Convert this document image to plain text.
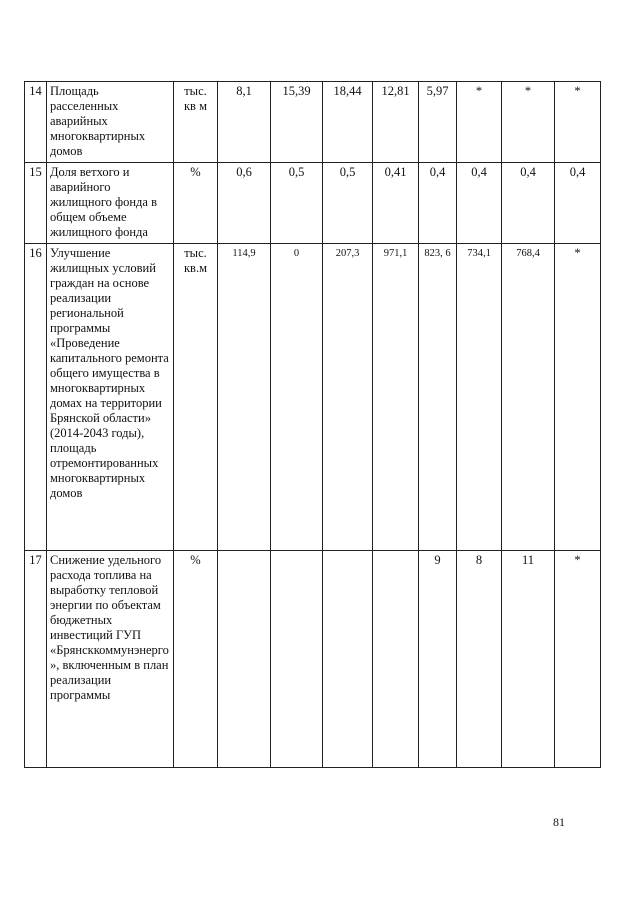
14	Площадь расселенных аварийных многоквартирных домов	тыс. кв м	8,1	15,39	18,44	12,81	5,97	*	*	*
15	Доля ветхого и аварийного жилищного фонда в общем объеме жилищного фонда	%	0,6	0,5	0,5	0,41	0,4	0,4	0,4	0,4
16	Улучшение жилищных условий граждан на основе реализации региональной программы «Проведение капитального ремонта общего имущества в многоквартирных домах на территории Брянской области» (2014-2043 годы), площадь отремонтированных многоквартирных домов	тыс. кв.м	114,9	0	207,3	971,1	823, 6	734,1	768,4	*
17	Снижение удельного расхода топлива на выработку тепловой энергии по объектам бюджетных инвестиций ГУП «Брянсккоммунэнерго», включенным в план реализации программы	%					9	8	11	*
81
